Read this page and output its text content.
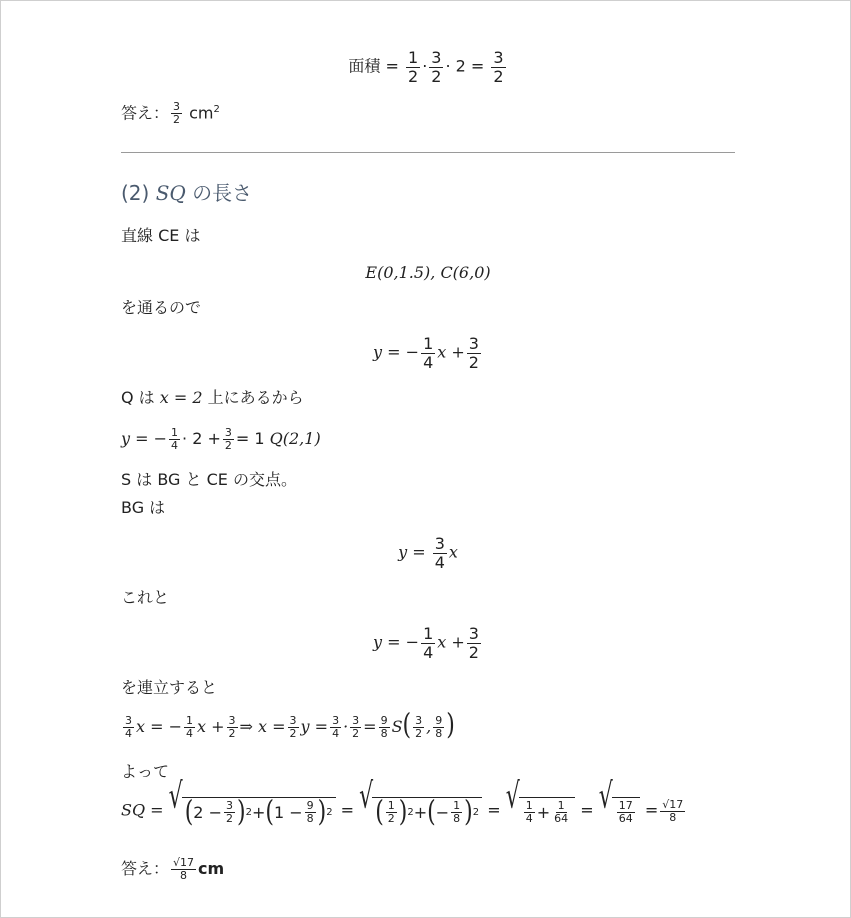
面積 = $\frac{1}{2} \cdot \frac{3}{2} \cdot 2 = \frac{3}{2}$
答え： $\frac{3}{2} cm^2$
(2) SQ の長さ
直線 CE は
E(0,1.5), C(6,0)
を通るので
y = − $\frac{1}{4}$ $x + \frac{3}{2}$
Q は x = 2 上にあるから
y = − $\frac{1}{4} \cdot 2 + \frac{3}{2} = 1$ Q(2,1)
S は BG と CE の交点。
BG は
$y = \frac{3}{4}$ x
これと
y = − $\frac{1}{4}$ $x + \frac{3}{2}$
を連立すると
$\frac{3}{4}$ x = − $\frac{1}{4}$ $x + \frac{3}{2}$ ⇒ $x = \frac{3}{2}$ $y = \frac{3}{4} \cdot \frac{3}{2} = \frac{9}{8} S( \frac{3}{2}$ , $\frac{9}{8}$ )
よって
SQ = √ ( $2 - \frac{3}{2}$ ) 2 + ( $1 - \frac{9}{8}$ ) 2 = √ ( $\frac{1}{2}$ ) 2 + ( − $\frac{1}{8}$ ) 2 = √ $\frac{1}{4} + \frac{1}{64}$ = √ $\frac{17}{64} = \frac{√17}{8}$
答え： $\frac{√17}{8}$ cm
